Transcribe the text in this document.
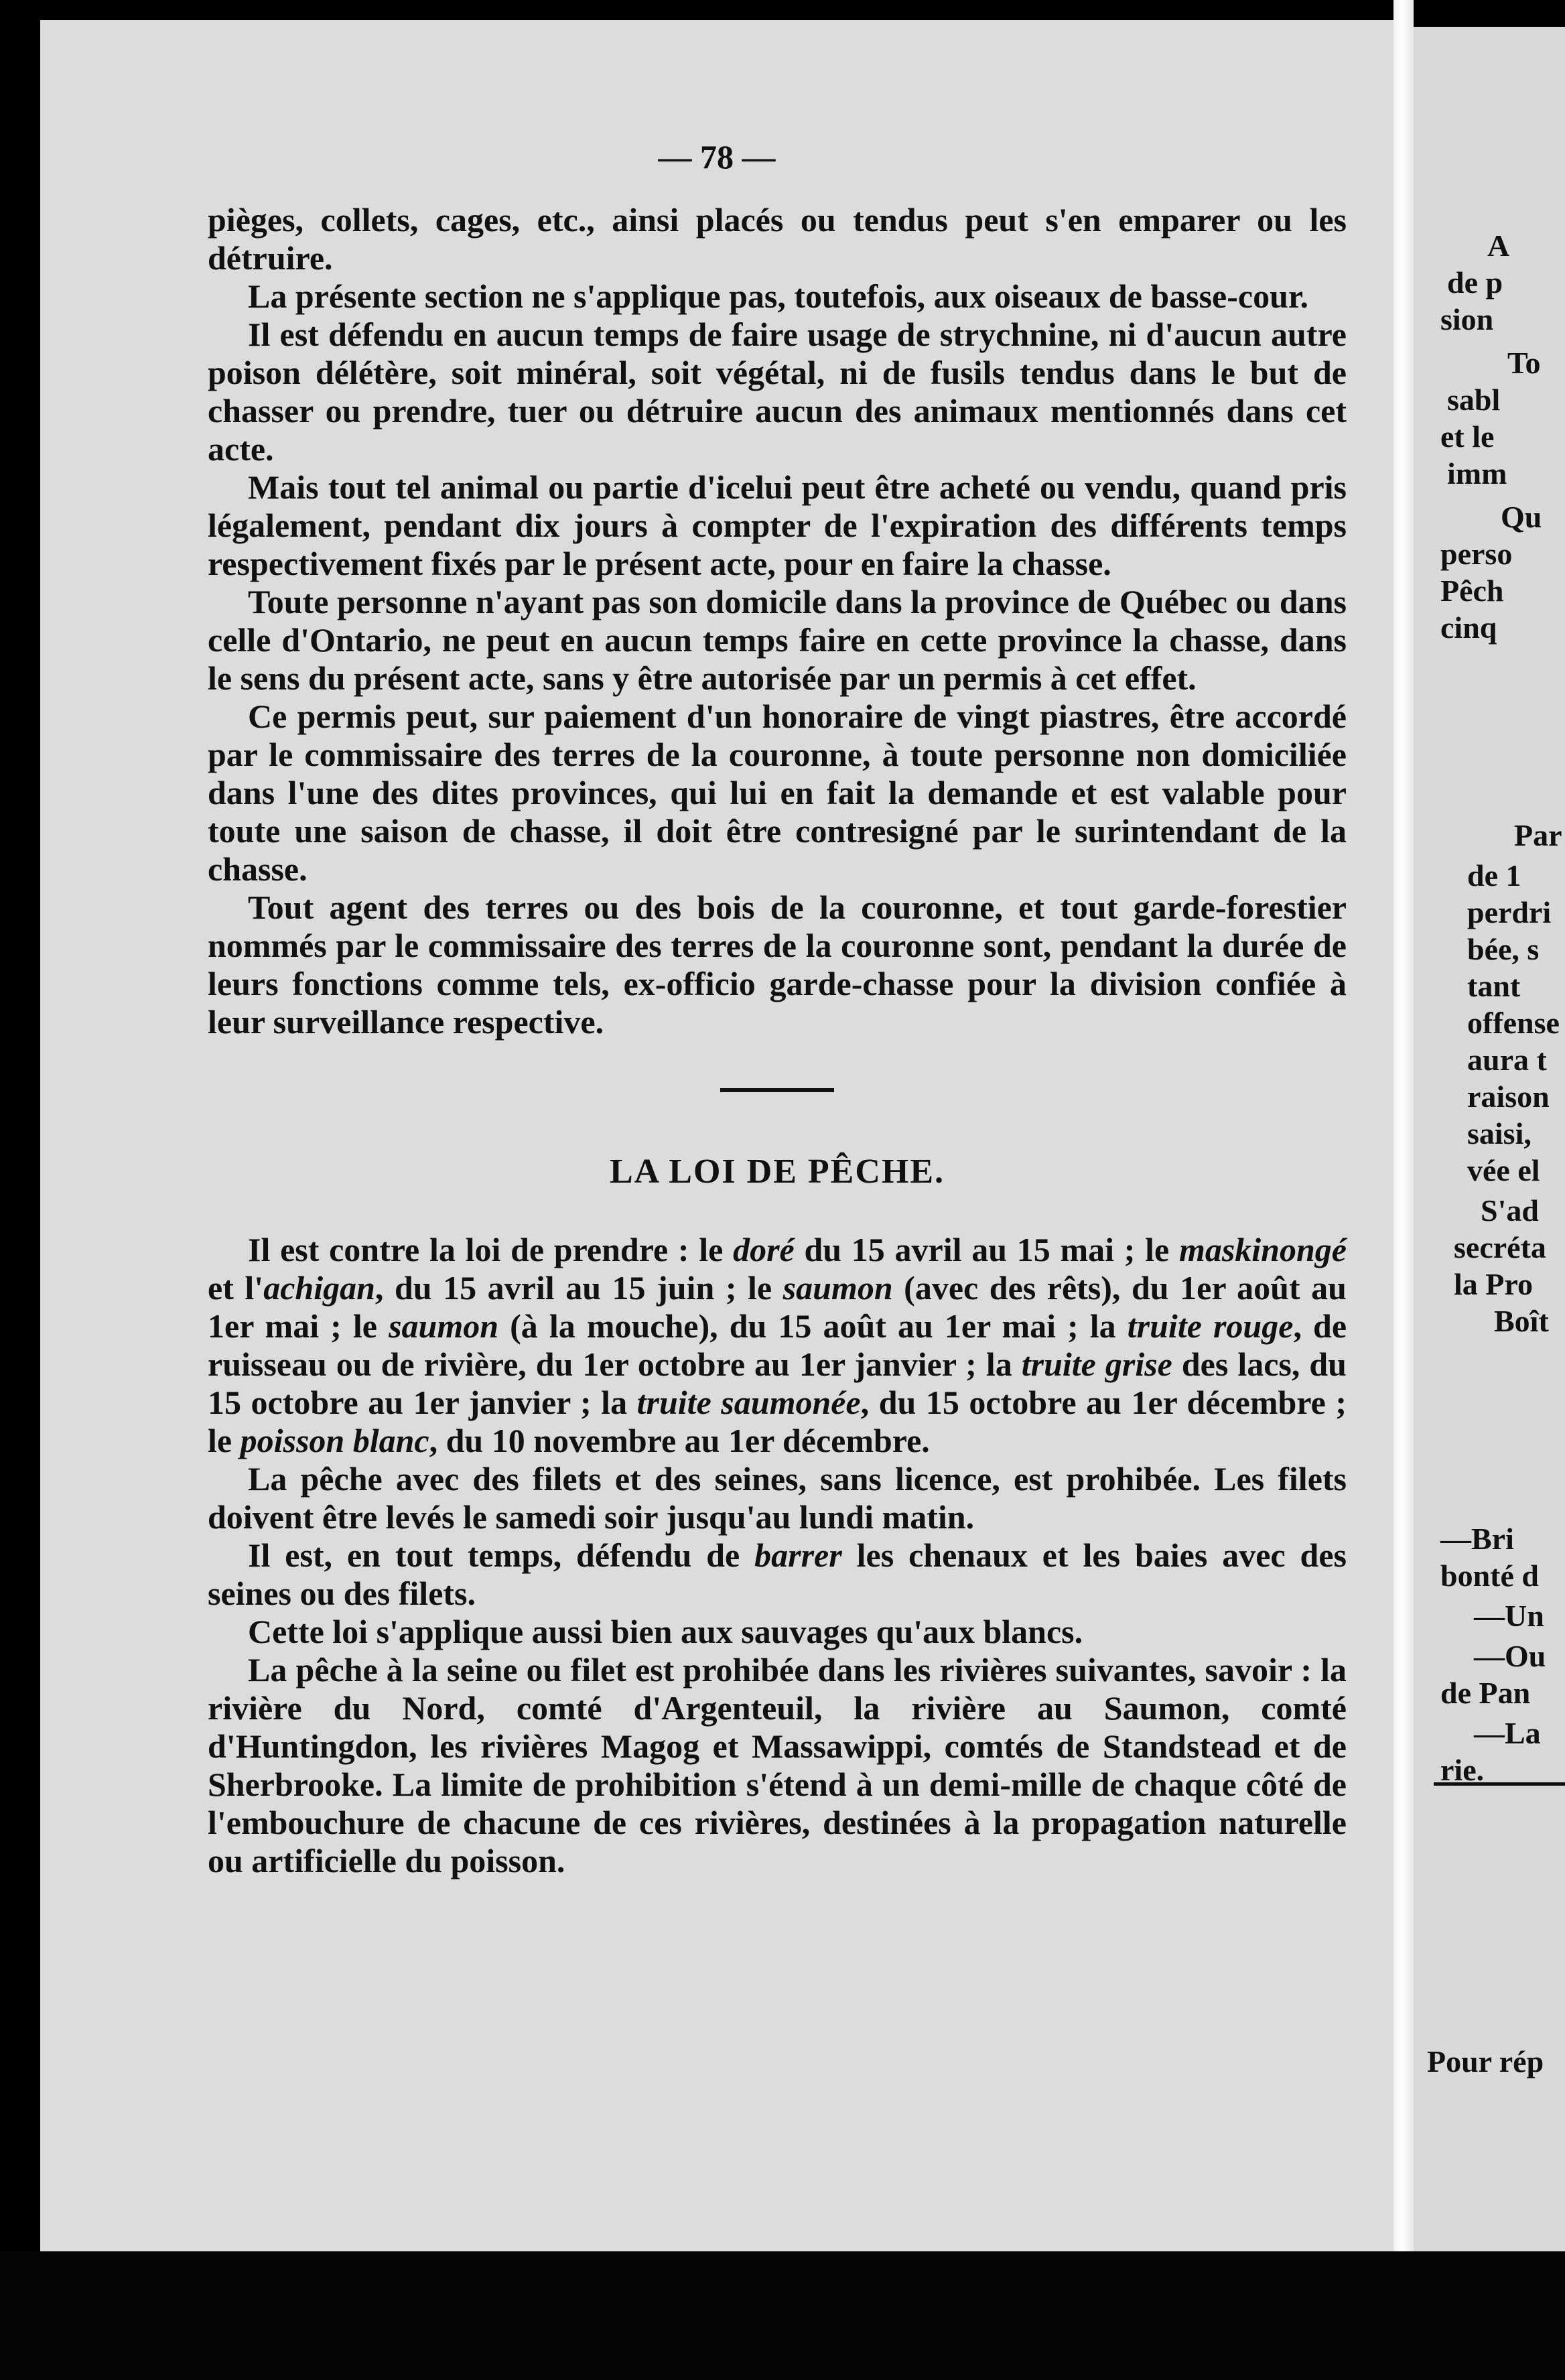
— 78 —

pièges, collets, cages, etc., ainsi placés ou tendus peut s'en emparer ou les détruire.

La présente section ne s'applique pas, toutefois, aux oiseaux de basse-cour.

Il est défendu en aucun temps de faire usage de strychnine, ni d'aucun autre poison délétère, soit minéral, soit végétal, ni de fusils tendus dans le but de chasser ou prendre, tuer ou détruire aucun des animaux mentionnés dans cet acte.

Mais tout tel animal ou partie d'icelui peut être acheté ou vendu, quand pris légalement, pendant dix jours à compter de l'expiration des différents temps respectivement fixés par le présent acte, pour en faire la chasse.

Toute personne n'ayant pas son domicile dans la province de Québec ou dans celle d'Ontario, ne peut en aucun temps faire en cette province la chasse, dans le sens du présent acte, sans y être autorisée par un permis à cet effet.

Ce permis peut, sur paiement d'un honoraire de vingt piastres, être accordé par le commissaire des terres de la couronne, à toute personne non domiciliée dans l'une des dites provinces, qui lui en fait la demande et est valable pour toute une saison de chasse, il doit être contresigné par le surintendant de la chasse.

Tout agent des terres ou des bois de la couronne, et tout garde-forestier nommés par le commissaire des terres de la couronne sont, pendant la durée de leurs fonctions comme tels, ex-officio garde-chasse pour la division confiée à leur surveillance respective.

LA LOI DE PÊCHE.

Il est contre la loi de prendre : le doré du 15 avril au 15 mai ; le maskinongé et l'achigan, du 15 avril au 15 juin ; le saumon (avec des rêts), du 1er août au 1er mai ; le saumon (à la mouche), du 15 août au 1er mai ; la truite rouge, de ruisseau ou de rivière, du 1er octobre au 1er janvier ; la truite grise des lacs, du 15 octobre au 1er janvier ; la truite saumonée, du 15 octobre au 1er décembre ; le poisson blanc, du 10 novembre au 1er décembre.

La pêche avec des filets et des seines, sans licence, est prohibée. Les filets doivent être levés le samedi soir jusqu'au lundi matin.

Il est, en tout temps, défendu de barrer les chenaux et les baies avec des seines ou des filets.

Cette loi s'applique aussi bien aux sauvages qu'aux blancs.

La pêche à la seine ou filet est prohibée dans les rivières suivantes, savoir : la rivière du Nord, comté d'Argenteuil, la rivière au Saumon, comté d'Huntingdon, les rivières Magog et Massawippi, comtés de Standstead et de Sherbrooke. La limite de prohibition s'étend à un demi-mille de chaque côté de l'embouchure de chacune de ces rivières, destinées à la propagation naturelle ou artificielle du poisson.

A
de p
sion
To
sabl
et le
imm
Qu
perso
Pêch
cinq
Par
de 1
perdri
bée, s
tant
offense
aura t
raison
saisi,
vée el
S'ad
secréta
la Pro
Boît
—Bri
bonté d
—Un
—Ou
de Pan
—La
rie.
Pour rép
